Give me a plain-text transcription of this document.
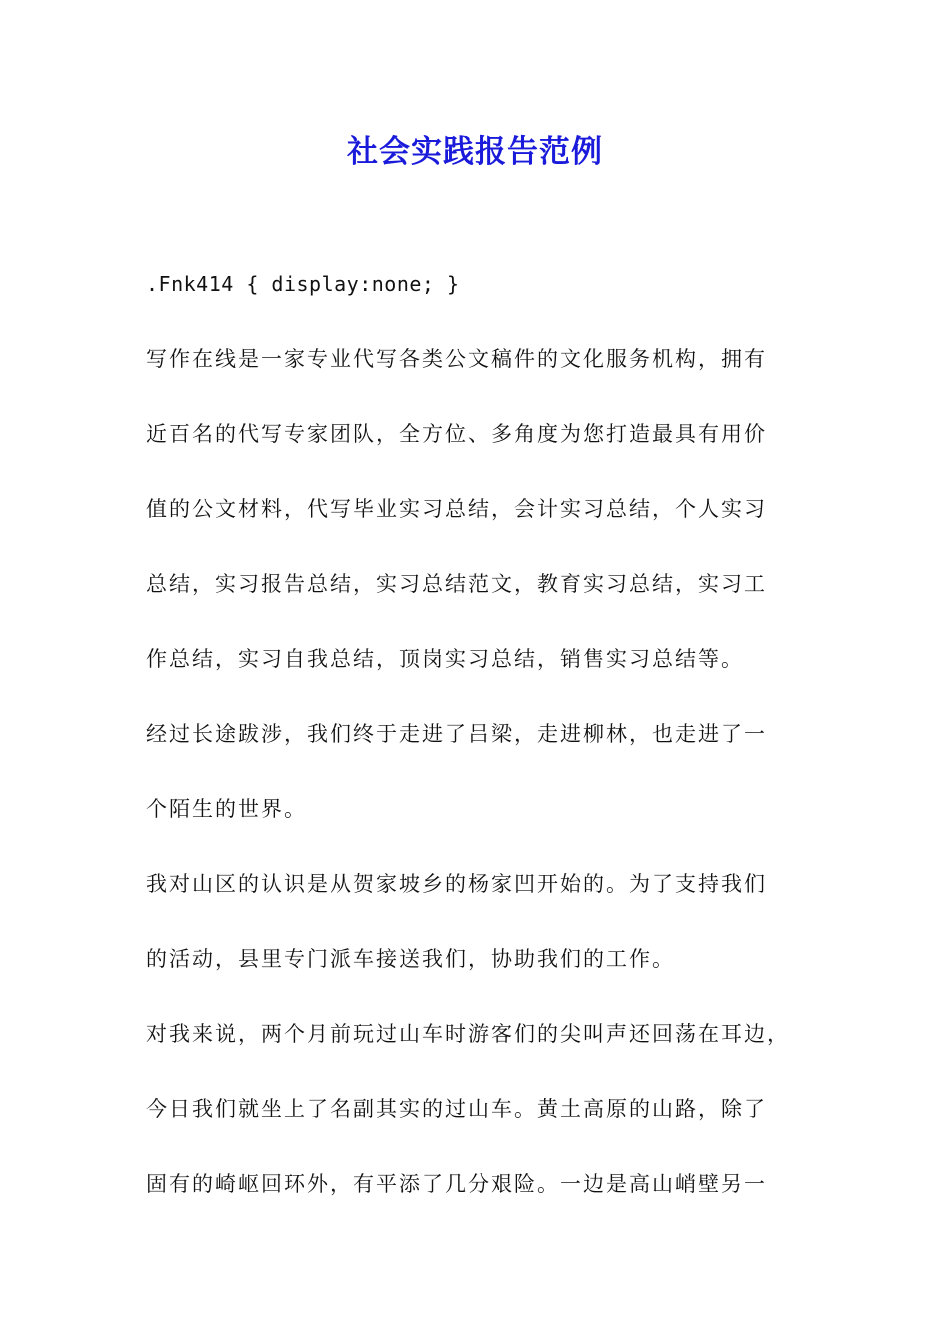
社会实践报告范例
.Fnk414 { display:none; }
写作在线是一家专业代写各类公文稿件的文化服务机构，拥有
近百名的代写专家团队，全方位、多角度为您打造最具有用价
值的公文材料，代写毕业实习总结，会计实习总结，个人实习
总结，实习报告总结，实习总结范文，教育实习总结，实习工
作总结，实习自我总结，顶岗实习总结，销售实习总结等。
经过长途跋涉，我们终于走进了吕梁，走进柳林，也走进了一
个陌生的世界。
我对山区的认识是从贺家坡乡的杨家凹开始的。为了支持我们
的活动，县里专门派车接送我们，协助我们的工作。
对我来说，两个月前玩过山车时游客们的尖叫声还回荡在耳边，
今日我们就坐上了名副其实的过山车。黄土高原的山路，除了
固有的崎岖回环外，有平添了几分艰险。一边是高山峭壁另一
